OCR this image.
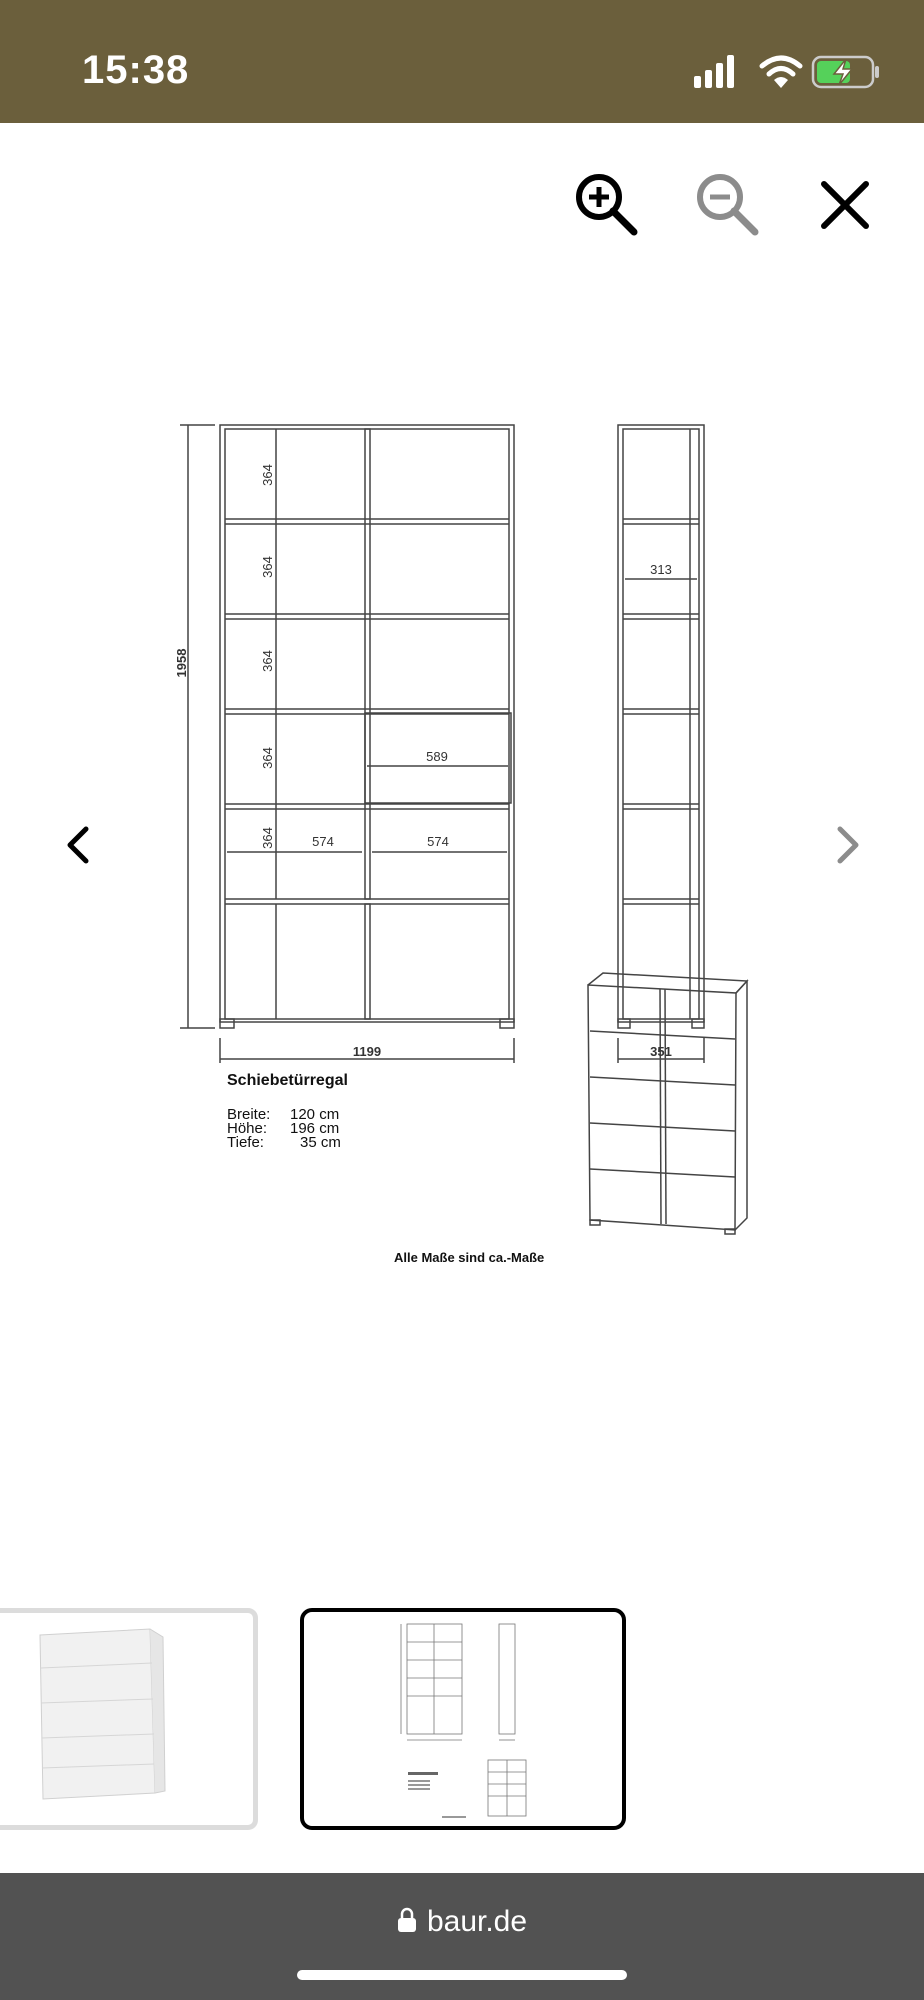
15:38
1958
364
364
364
364
364	574	574
589
1199
313
351
Schiebetürregal
Breite: 120 cm
Höhe: 196 cm
Tiefe: 35 cm
Alle Maße sind ca.-Maße
baur.de
